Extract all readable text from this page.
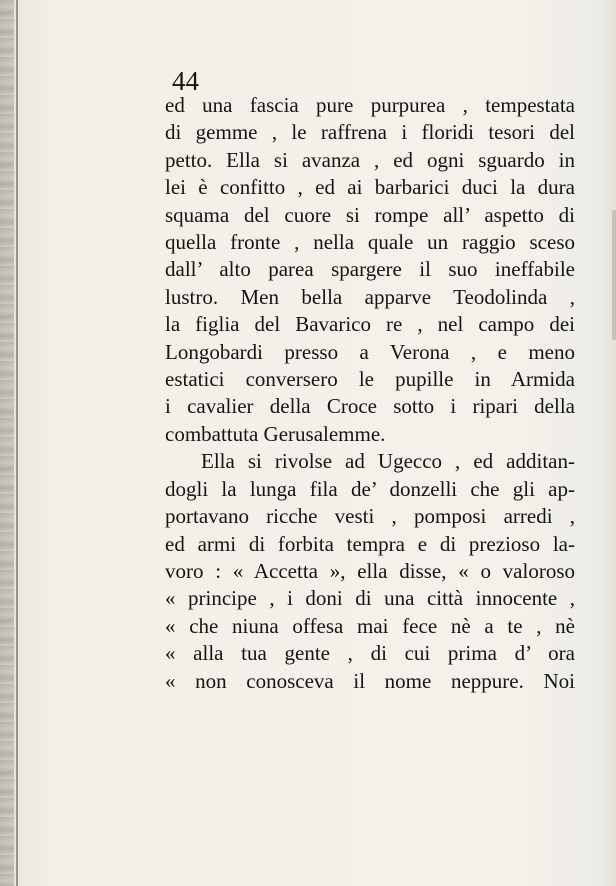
44
ed una fascia pure purpurea , tempestata
di gemme , le raffrena i floridi tesori del
petto. Ella si avanza , ed ogni sguardo in
lei è confitto , ed ai barbarici duci la dura
squama del cuore si rompe all’ aspetto di
quella fronte , nella quale un raggio sceso
dall’ alto parea spargere il suo ineffabile
lustro. Men bella apparve Teodolinda ,
la figlia del Bavarico re , nel campo dei
Longobardi presso a Verona , e meno
estatici conversero le pupille in Armida
i cavalier della Croce sotto i ripari della
combattuta Gerusalemme.
Ella si rivolse ad Ugecco , ed additan-
dogli la lunga fila de’ donzelli che gli ap-
portavano ricche vesti , pomposi arredi ,
ed armi di forbita tempra e di prezioso la-
voro : « Accetta », ella disse, « o valoroso
« principe , i doni di una città innocente ,
« che niuna offesa mai fece nè a te , nè
« alla tua gente , di cui prima d’ ora
« non conosceva il nome neppure. Noi
